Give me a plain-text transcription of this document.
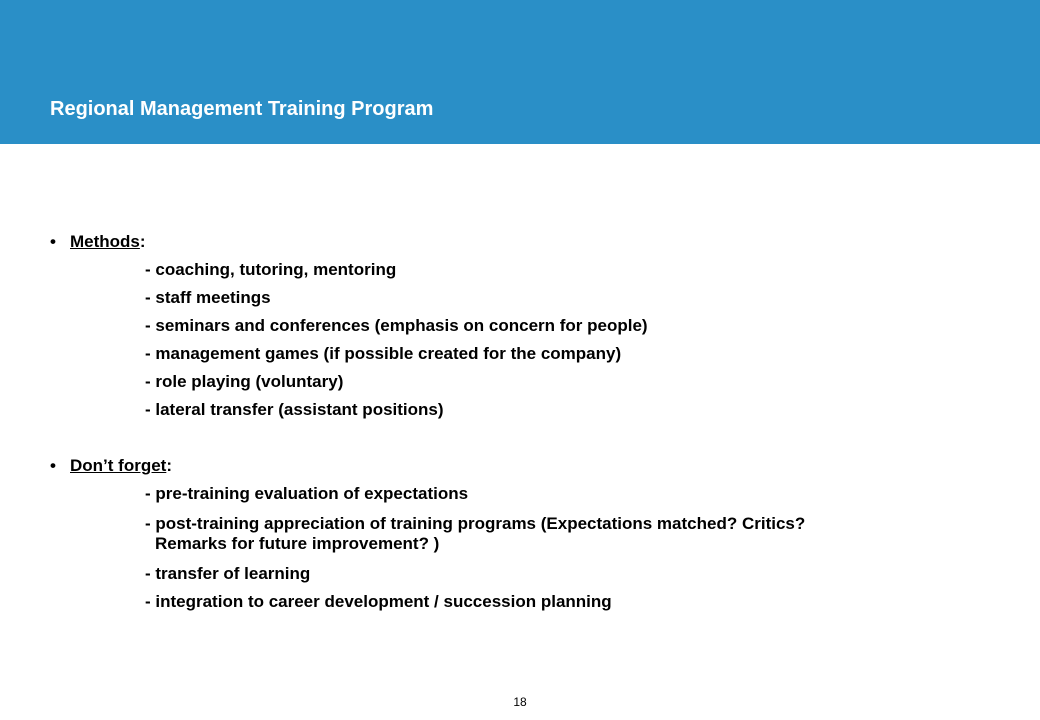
Regional Management Training Program
• Methods:
- coaching, tutoring, mentoring
- staff meetings
- seminars and conferences (emphasis on concern for people)
- management games (if possible created for the company)
- role playing (voluntary)
- lateral transfer (assistant positions)
• Don’t forget:
- pre-training evaluation of expectations
- post-training appreciation of training programs (Expectations matched? Critics?
Remarks for future improvement? )
- transfer of learning
- integration to career development / succession planning
18
